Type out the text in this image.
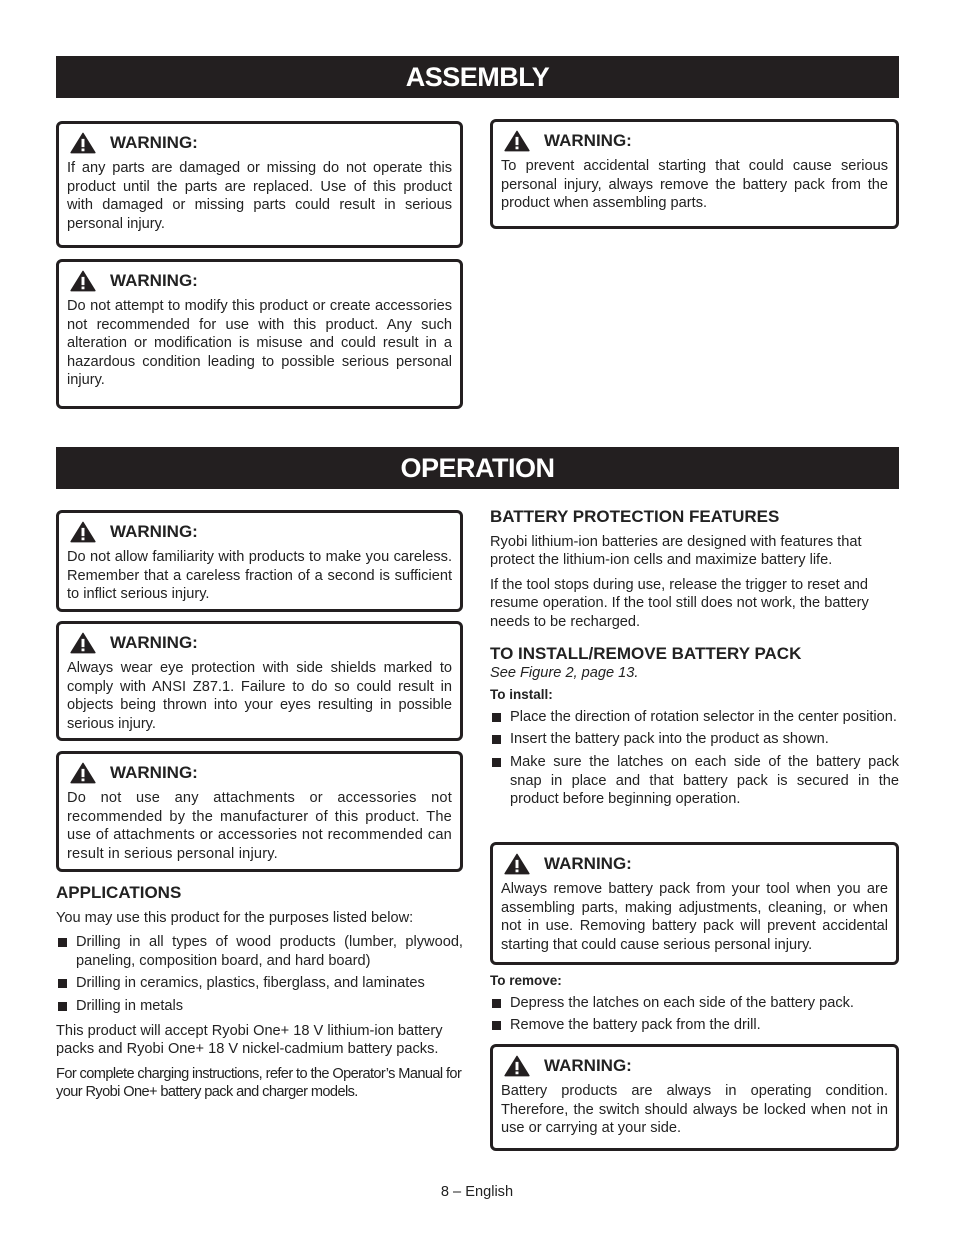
ASSEMBLY
WARNING:
If any parts are damaged or missing do not operate this product until the parts are replaced. Use of this product with damaged or missing parts could result in serious personal injury.
WARNING:
Do not attempt to modify this product or create accessories not recommended for use with this product. Any such alteration or modification is misuse and could result in a hazardous condition leading to possible serious personal injury.
WARNING:
To prevent accidental starting that could cause serious personal injury, always remove the battery pack from the product when assembling parts.
OPERATION
WARNING:
Do not allow familiarity with products to make you careless. Remember that a careless fraction of a second is sufficient to inflict serious injury.
WARNING:
Always wear eye protection with side shields marked to comply with ANSI Z87.1. Failure to do so could result in objects being thrown into your eyes resulting in possible serious injury.
WARNING:
Do not use any attachments or accessories not recommended by the manufacturer of this product. The use of attachments or accessories not recommended can result in serious personal injury.
APPLICATIONS

You may use this product for the purposes listed below:

Drilling in all types of wood products (lumber, plywood, paneling, composition board, and hard board)
Drilling in ceramics, plastics, fiberglass, and laminates
Drilling in metals

This product will accept Ryobi One+ 18 V lithium-ion battery packs and Ryobi One+ 18 V nickel-cadmium battery packs.

For complete charging instructions, refer to the Operator’s Manual for your Ryobi One+ battery pack and charger models.

BATTERY PROTECTION FEATURES

Ryobi lithium-ion batteries are designed with features that protect the lithium-ion cells and maximize battery life.

If the tool stops during use, release the trigger to reset and resume operation. If the tool still does not work, the battery needs to be recharged.

TO INSTALL/REMOVE BATTERY PACK
See Figure 2, page 13.
To install:
Place the direction of rotation selector in the center position.
Insert the battery pack into the product as shown.
Make sure the latches on each side of the battery pack snap in place and that battery pack is secured in the product before beginning operation.
WARNING:
Always remove battery pack from your tool when you are assembling parts, making adjustments, cleaning, or when not in use. Removing battery pack will prevent accidental starting that could cause serious personal injury.
To remove:
Depress the latches on each side of the battery pack.
Remove the battery pack from the drill.
WARNING:
Battery products are always in operating condition. Therefore, the switch should always be locked when not in use or carrying at your side.
8 – English
